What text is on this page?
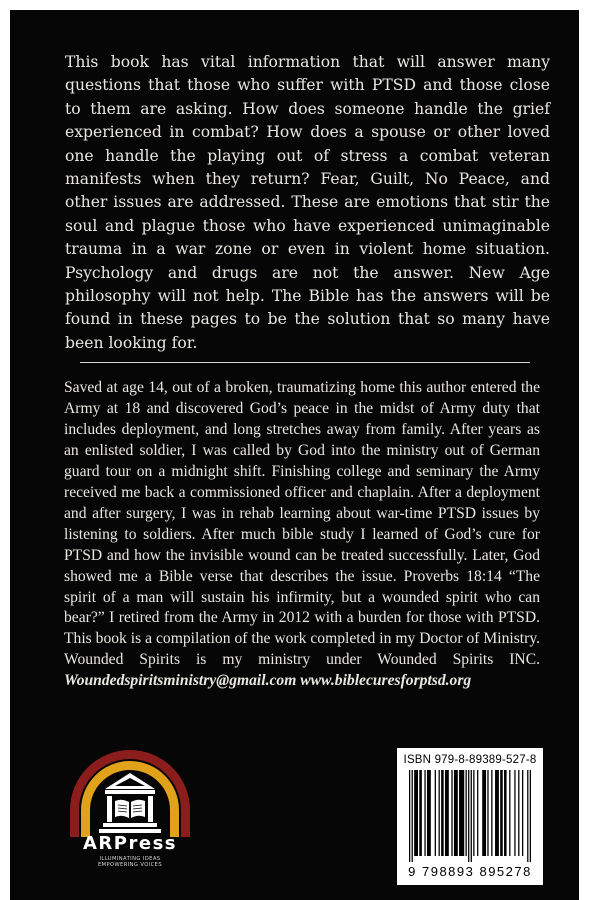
This book has vital information that will answer many questions that those who suffer with PTSD and those close to them are asking. How does someone handle the grief experienced in combat? How does a spouse or other loved one handle the playing out of stress a combat veteran manifests when they return? Fear, Guilt, No Peace, and other issues are addressed. These are emotions that stir the soul and plague those who have experienced unimaginable trauma in a war zone or even in violent home situation. Psychology and drugs are not the answer. New Age philosophy will not help. The Bible has the answers will be found in these pages to be the solution that so many have been looking for.

Saved at age 14, out of a broken, traumatizing home this author entered the Army at 18 and discovered God’s peace in the midst of Army duty that includes deployment, and long stretches away from family. After years as an enlisted soldier, I was called by God into the ministry out of German guard tour on a midnight shift. Finishing college and seminary the Army received me back a commissioned officer and chaplain. After a deployment and after surgery, I was in rehab learning about war-time PTSD issues by listening to soldiers. After much bible study I learned of God’s cure for PTSD and how the invisible wound can be treated successfully. Later, God showed me a Bible verse that describes the issue. Proverbs 18:14 “The spirit of a man will sustain his infirmity, but a wounded spirit who can bear?” I retired from the Army in 2012 with a burden for those with PTSD. This book is a compilation of the work completed in my Doctor of Ministry. Wounded Spirits is my ministry under Wounded Spirits INC. Woundedspiritsministry@gmail.com www.biblecuresforptsd.org

ARPress
ILLUMINATING IDEAS
EMPOWERING VOICES
ISBN 979-8-89389-527-8
9 798893 895278
